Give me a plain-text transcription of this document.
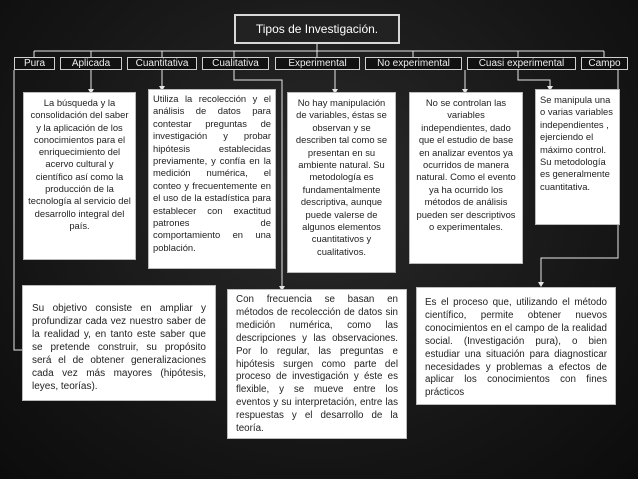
Tipos de Investigación.
Pura	Aplicada	Cuantitativa	Cualitativa	Experimental	No experimental	Cuasi experimental	Campo
La búsqueda y la consolidación del saber y la aplicación de los conocimientos para el enriquecimiento del acervo cultural y científico así como la producción de la tecnología al servicio del desarrollo integral del país.
Utiliza la recolección y el análisis de datos para contestar preguntas de investigación y probar hipótesis establecidas previamente, y confía en la medición numérica, el conteo y frecuentemente en el uso de la estadística para establecer con exactitud patrones de comportamiento en una población.
No hay manipulación de variables, éstas se observan y se describen tal como se presentan en su ambiente natural. Su metodología es fundamentalmente descriptiva, aunque puede valerse de algunos elementos cuantitativos y cualitativos.
No se controlan las variables independientes, dado que el estudio de base en analizar eventos ya ocurridos de manera natural. Como el evento ya ha ocurrido los métodos de análisis pueden ser descriptivos o experimentales.
Se manipula una o varias variables independientes , ejerciendo el máximo control. Su metodología es generalmente cuantitativa.
Su objetivo consiste en ampliar y profundizar cada vez nuestro saber de la realidad y, en tanto este saber que se pretende construir, su propósito será el de obtener generalizaciones cada vez más mayores (hipótesis, leyes, teorías).
Con frecuencia se basan en métodos de recolección de datos sin medición numérica, como las descripciones y las observaciones. Por lo regular, las preguntas e hipótesis surgen como parte del proceso de investigación y éste es flexible, y se mueve entre los eventos y su interpretación, entre las respuestas y el desarrollo de la teoría.
Es el proceso que, utilizando el método científico, permite obtener nuevos conocimientos en el campo de la realidad social. (Investigación pura), o bien estudiar una situación para diagnosticar necesidades y problemas a efectos de aplicar los conocimientos con fines prácticos
